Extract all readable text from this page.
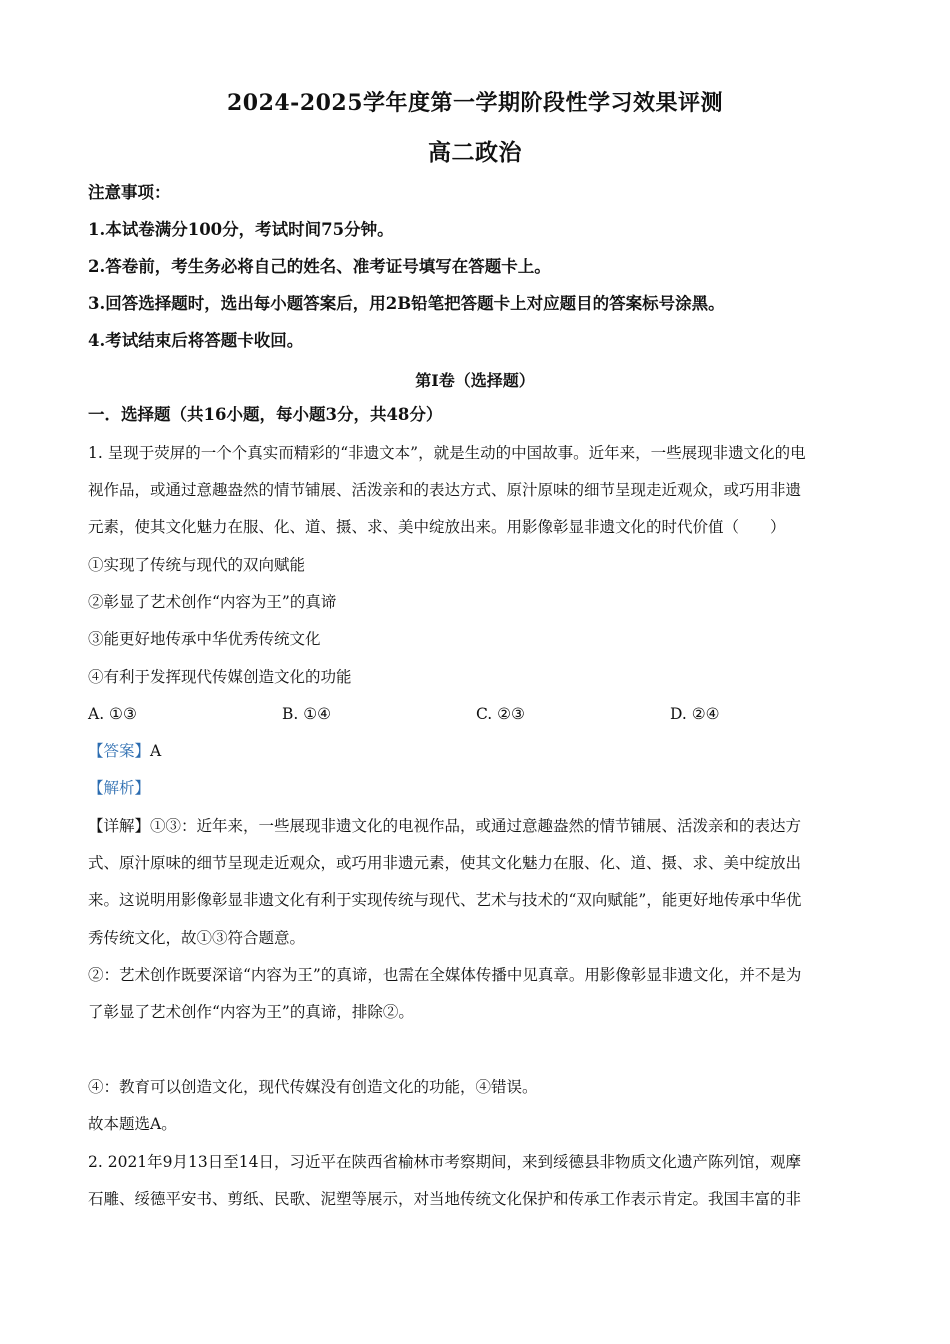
2024-2025学年度第一学期阶段性学习效果评测
高二政治
注意事项：
1.本试卷满分100分，考试时间75分钟。
2.答卷前，考生务必将自己的姓名、准考证号填写在答题卡上。
3.回答选择题时，选出每小题答案后，用2B铅笔把答题卡上对应题目的答案标号涂黑。
4.考试结束后将答题卡收回。
第Ⅰ卷（选择题）
一．选择题（共16小题，每小题3分，共48分）
1. 呈现于荧屏的一个个真实而精彩的“非遗文本”，就是生动的中国故事。近年来，一些展现非遗文化的电
视作品，或通过意趣盎然的情节铺展、活泼亲和的表达方式、原汁原味的细节呈现走近观众，或巧用非遗
元素，使其文化魅力在服、化、道、摄、求、美中绽放出来。用影像彰显非遗文化的时代价值（　　）
①实现了传统与现代的双向赋能
②彰显了艺术创作“内容为王”的真谛
③能更好地传承中华优秀传统文化
④有利于发挥现代传媒创造文化的功能
A. ①③	B. ①④	C. ②③	D. ②④
【答案】A
【解析】
【详解】①③：近年来，一些展现非遗文化的电视作品，或通过意趣盎然的情节铺展、活泼亲和的表达方
式、原汁原味的细节呈现走近观众，或巧用非遗元素，使其文化魅力在服、化、道、摄、求、美中绽放出
来。这说明用影像彰显非遗文化有利于实现传统与现代、艺术与技术的“双向赋能”，能更好地传承中华优
秀传统文化，故①③符合题意。
②：艺术创作既要深谙“内容为王”的真谛，也需在全媒体传播中见真章。用影像彰显非遗文化，并不是为
了彰显了艺术创作“内容为王”的真谛，排除②。
④：教育可以创造文化，现代传媒没有创造文化的功能，④错误。
故本题选A。
2. 2021年9月13日至14日，习近平在陕西省榆林市考察期间，来到绥德县非物质文化遗产陈列馆，观摩
石雕、绥德平安书、剪纸、民歌、泥塑等展示，对当地传统文化保护和传承工作表示肯定。我国丰富的非
